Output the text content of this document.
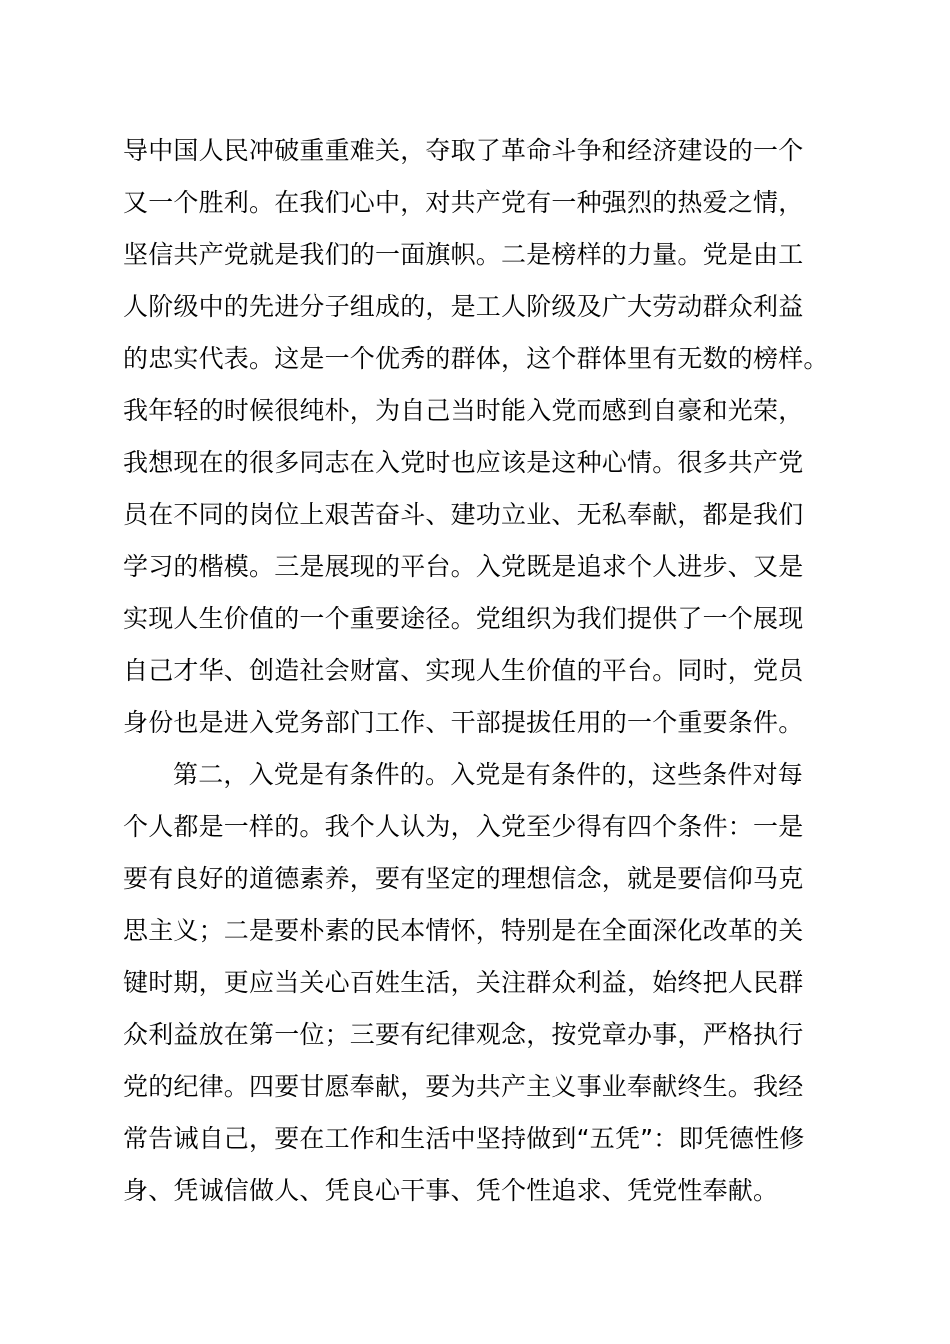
导中国人民冲破重重难关，夺取了革命斗争和经济建设的一个
又一个胜利。在我们心中，对共产党有一种强烈的热爱之情，
坚信共产党就是我们的一面旗帜。二是榜样的力量。党是由工
人阶级中的先进分子组成的，是工人阶级及广大劳动群众利益
的忠实代表。这是一个优秀的群体，这个群体里有无数的榜样。
我年轻的时候很纯朴，为自己当时能入党而感到自豪和光荣，
我想现在的很多同志在入党时也应该是这种心情。很多共产党
员在不同的岗位上艰苦奋斗、建功立业、无私奉献，都是我们
学习的楷模。三是展现的平台。入党既是追求个人进步、又是
实现人生价值的一个重要途径。党组织为我们提供了一个展现
自己才华、创造社会财富、实现人生价值的平台。同时，党员
身份也是进入党务部门工作、干部提拔任用的一个重要条件。
第二，入党是有条件的。入党是有条件的，这些条件对每
个人都是一样的。我个人认为，入党至少得有四个条件：一是
要有良好的道德素养，要有坚定的理想信念，就是要信仰马克
思主义；二是要朴素的民本情怀，特别是在全面深化改革的关
键时期，更应当关心百姓生活，关注群众利益，始终把人民群
众利益放在第一位；三要有纪律观念，按党章办事，严格执行
党的纪律。四要甘愿奉献，要为共产主义事业奉献终生。我经
常告诫自己，要在工作和生活中坚持做到“五凭”：即凭德性修
身、凭诚信做人、凭良心干事、凭个性追求、凭党性奉献。
